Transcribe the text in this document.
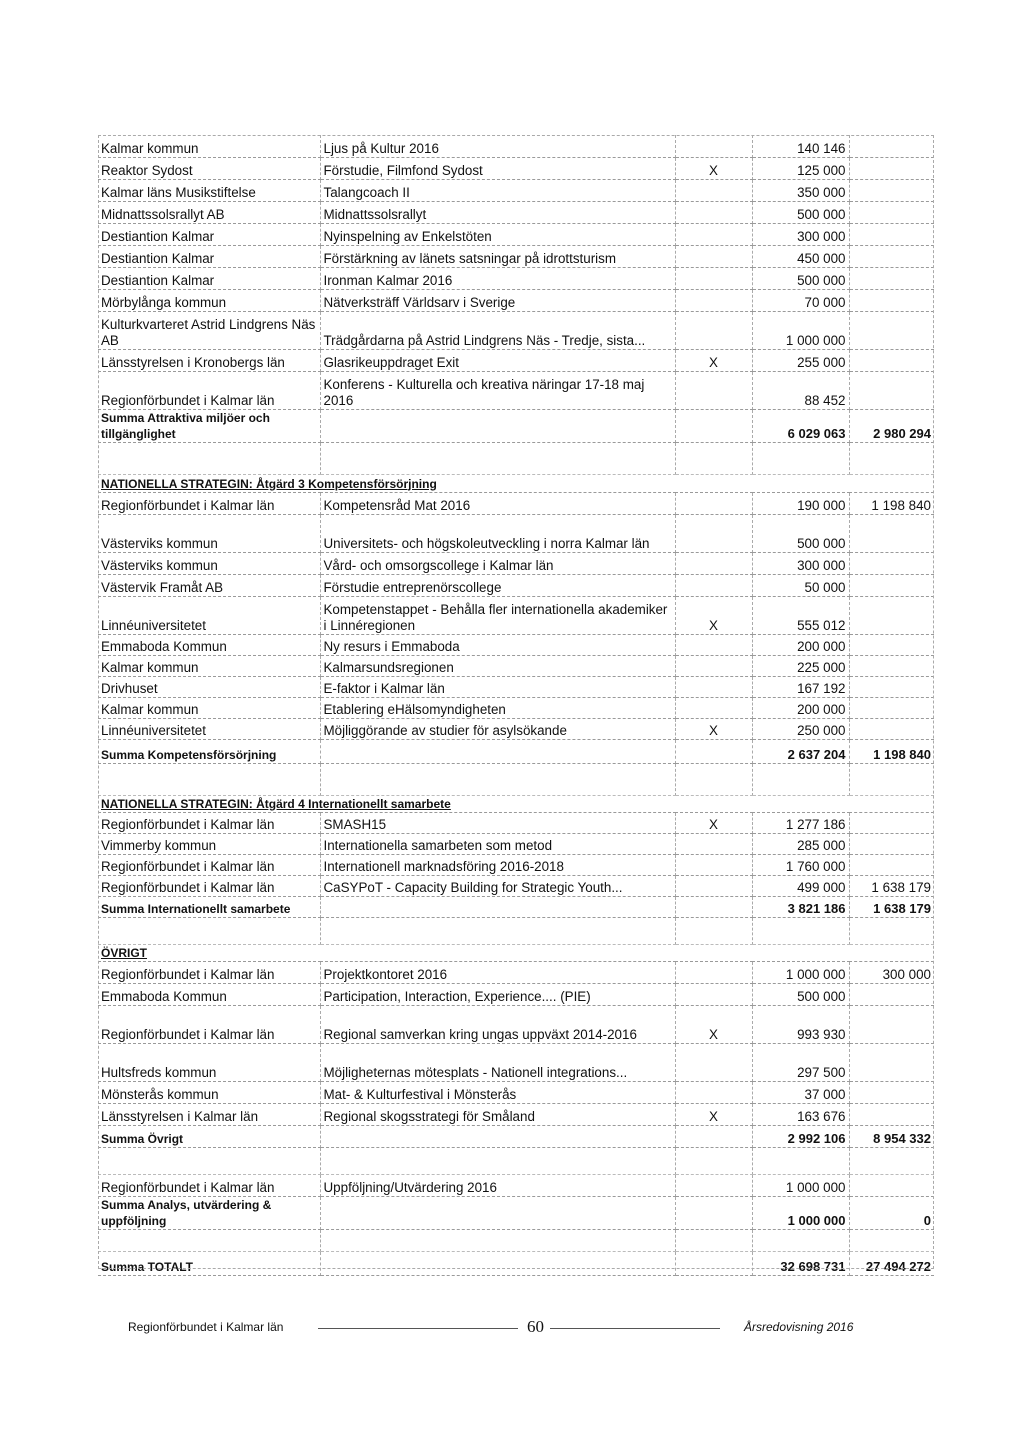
Kalmar kommun	Ljus på Kultur 2016		140 146	
Reaktor Sydost	Förstudie, Filmfond Sydost	X	125 000	
Kalmar läns Musikstiftelse	Talangcoach II		350 000	
Midnattssolsrallyt AB	Midnattssolsrallyt		500 000	
Destiantion Kalmar	Nyinspelning av Enkelstöten		300 000	
Destiantion Kalmar	Förstärkning av länets satsningar på idrottsturism		450 000	
Destiantion Kalmar	Ironman Kalmar 2016		500 000	
Mörbylånga kommun	Nätverksträff Världsarv i Sverige		70 000	
Kulturkvarteret Astrid Lindgrens Näs AB	Trädgårdarna på Astrid Lindgrens Näs - Tredje, sista...		1 000 000	
Länsstyrelsen i Kronobergs län	Glasrikeuppdraget Exit	X	255 000	
Regionförbundet i Kalmar län	Konferens - Kulturella och kreativa näringar 17-18 maj 2016		88 452	
Summa Attraktiva miljöer och tillgänglighet			6 029 063	2 980 294

NATIONELLA STRATEGIN: Åtgärd 3 Kompetensförsörjning				
Regionförbundet i Kalmar län	Kompetensråd Mat 2016		190 000	1 198 840
Västerviks kommun	Universitets- och högskoleutveckling i norra Kalmar län		500 000	
Västerviks kommun	Vård- och omsorgscollege i Kalmar län		300 000	
Västervik Framåt AB	Förstudie entreprenörscollege		50 000	
Linnéuniversitetet	Kompetenstappet - Behålla fler internationella akademiker i Linnéregionen	X	555 012	
Emmaboda Kommun	Ny resurs i Emmaboda		200 000	
Kalmar kommun	Kalmarsundsregionen		225 000	
Drivhuset	E-faktor i Kalmar län		167 192	
Kalmar kommun	Etablering eHälsomyndigheten		200 000	
Linnéuniversitetet	Möjliggörande av studier för asylsökande	X	250 000	
Summa Kompetensförsörjning			2 637 204	1 198 840

NATIONELLA STRATEGIN: Åtgärd 4 Internationellt samarbete				
Regionförbundet i Kalmar län	SMASH15	X	1 277 186	
Vimmerby kommun	Internationella samarbeten som metod		285 000	
Regionförbundet i Kalmar län	Internationell marknadsföring 2016-2018		1 760 000	
Regionförbundet i Kalmar län	CaSYPoT - Capacity Building for Strategic Youth...		499 000	1 638 179
Summa Internationellt samarbete			3 821 186	1 638 179

ÖVRIGT				
Regionförbundet i Kalmar län	Projektkontoret 2016		1 000 000	300 000
Emmaboda Kommun	Participation, Interaction, Experience.... (PIE)		500 000	
Regionförbundet i Kalmar län	Regional samverkan kring ungas uppväxt 2014-2016	X	993 930	
Hultsfreds kommun	Möjligheternas mötesplats - Nationell integrations...		297 500	
Mönsterås kommun	Mat- & Kulturfestival i Mönsterås		37 000	
Länsstyrelsen i Kalmar län	Regional skogsstrategi för Småland	X	163 676	
Summa Övrigt			2 992 106	8 954 332

Regionförbundet i Kalmar län	Uppföljning/Utvärdering 2016		1 000 000	
Summa Analys, utvärdering & uppföljning			1 000 000	0

Summa TOTALT			32 698 731	27 494 272
Regionförbundet i Kalmar län	60	Årsredovisning 2016
